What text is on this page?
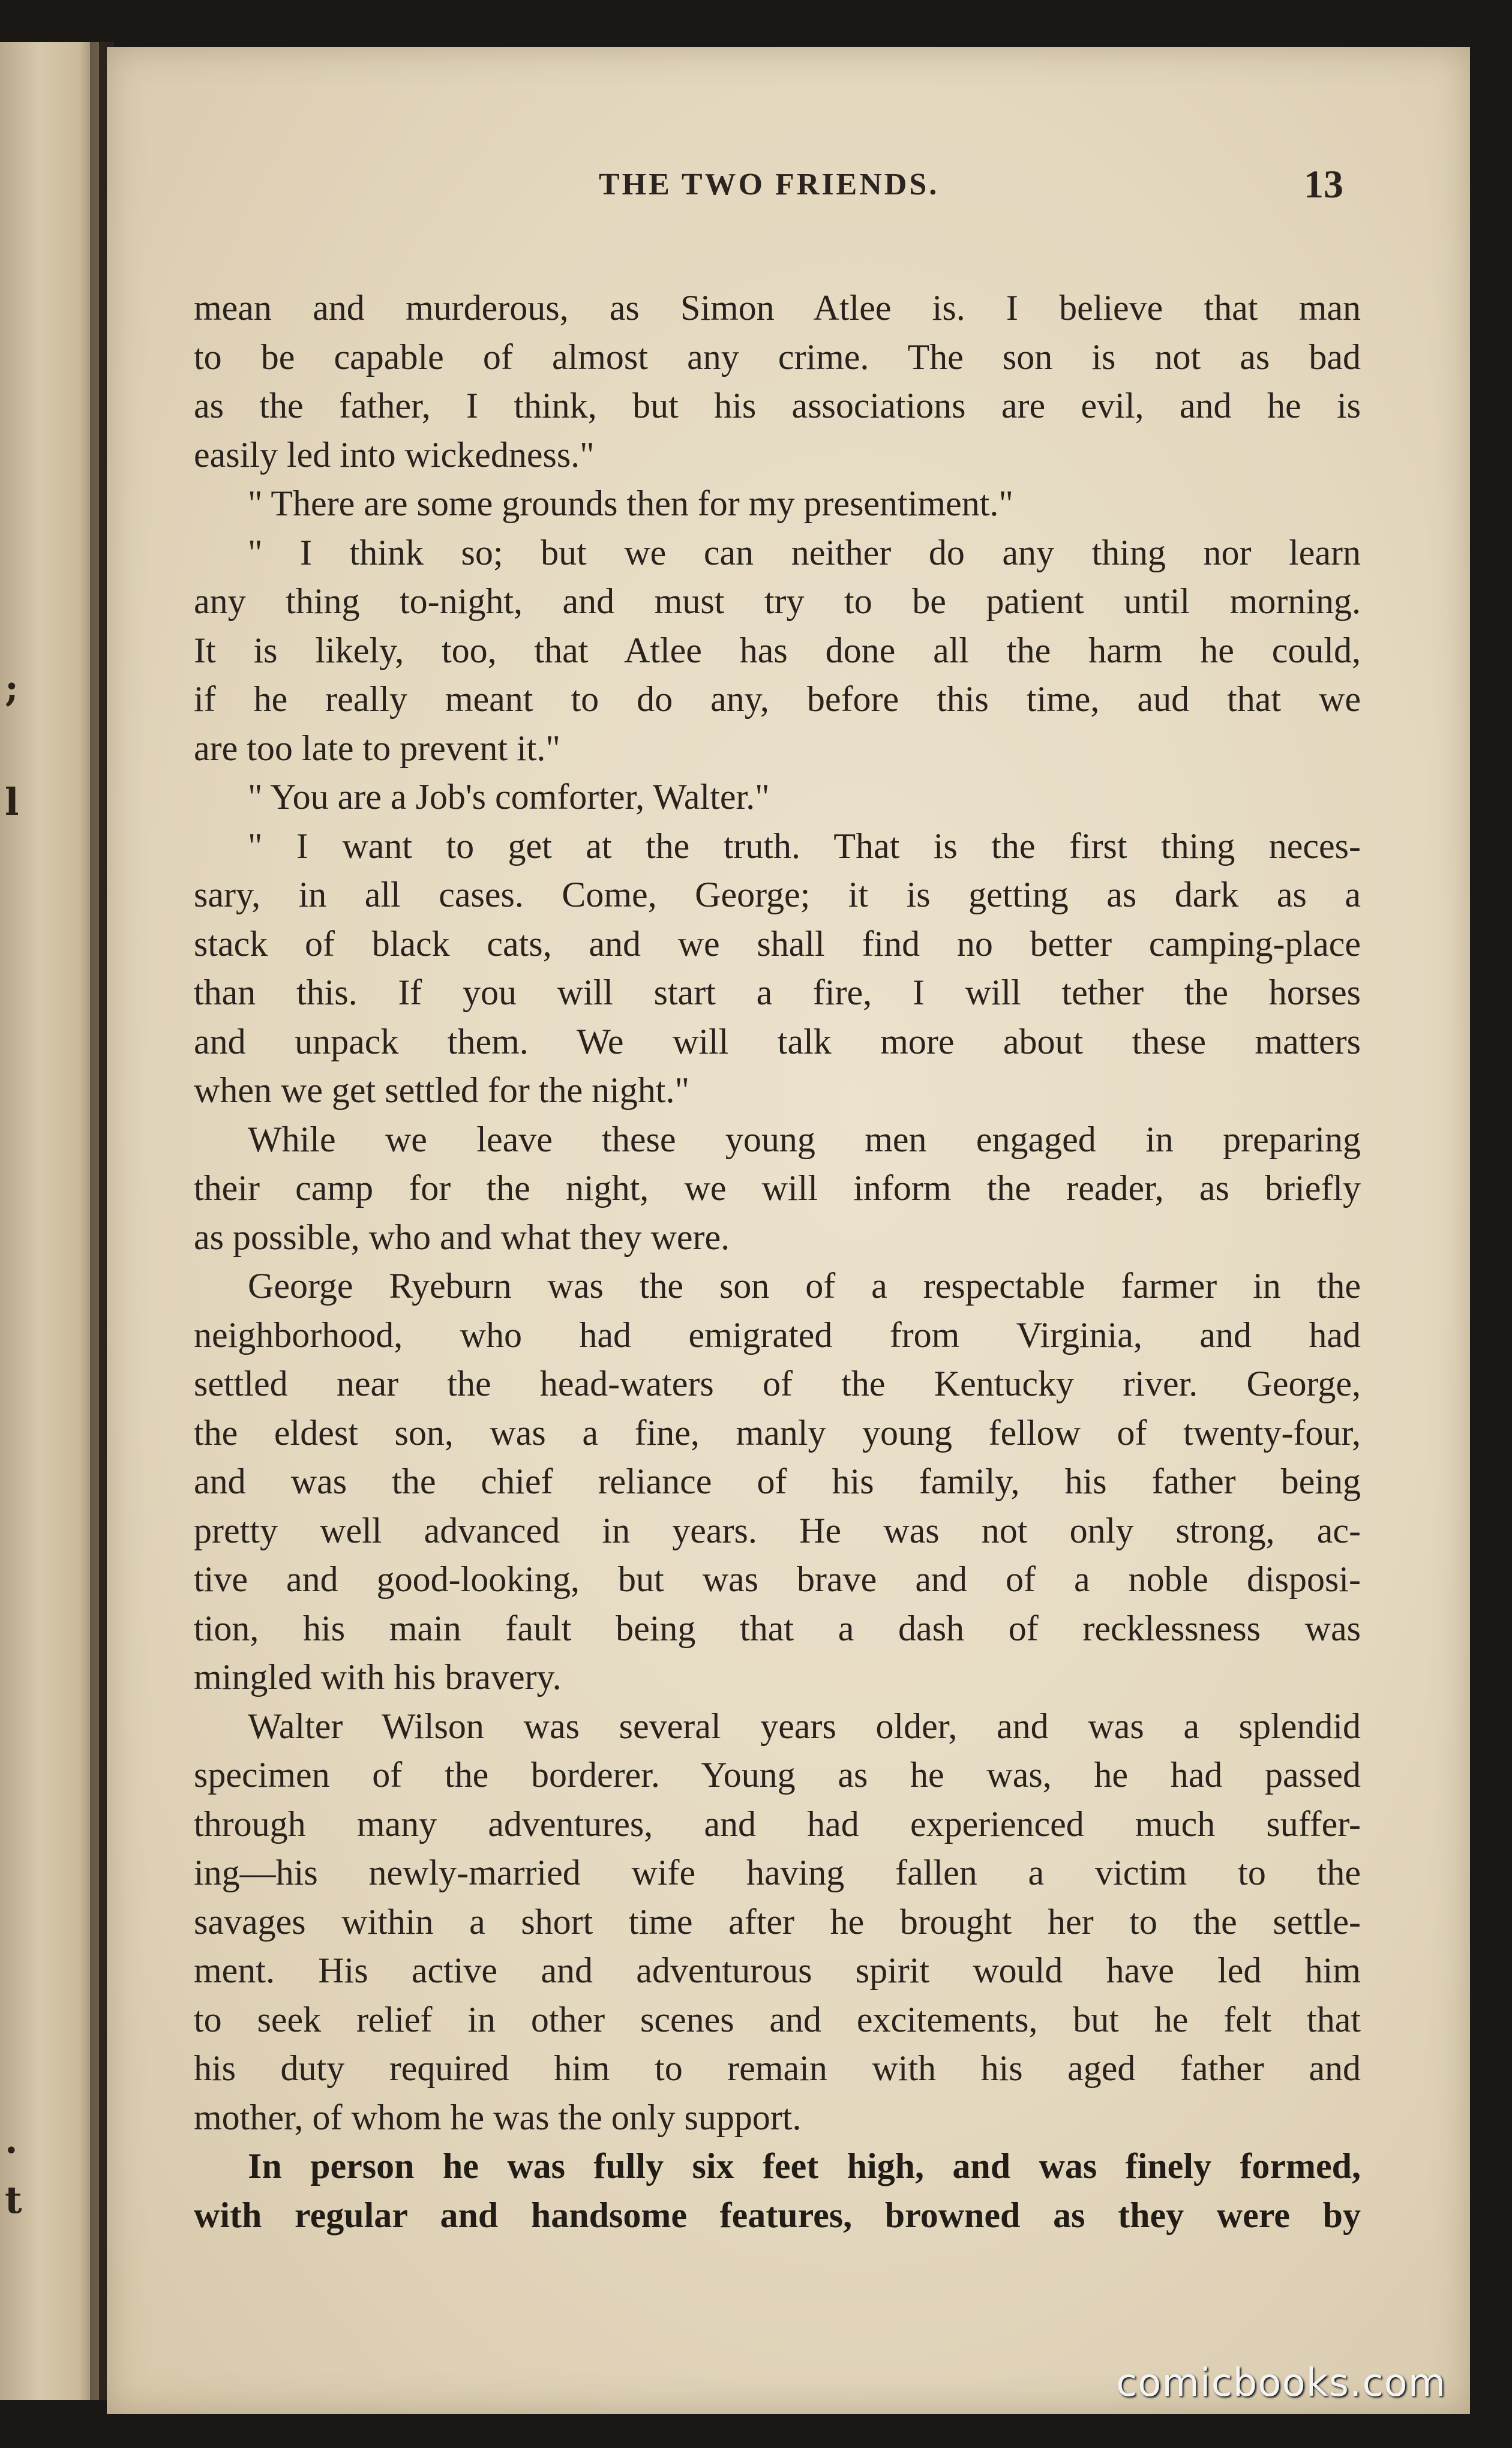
;
l
.
t
THE TWO FRIENDS.	13
mean and murderous, as Simon Atlee is. I believe that man
to be capable of almost any crime. The son is not as bad
as the father, I think, but his associations are evil, and he is
easily led into wickedness."
" There are some grounds then for my presentiment."
" I think so; but we can neither do any thing nor learn
any thing to-night, and must try to be patient until morning.
It is likely, too, that Atlee has done all the harm he could,
if he really meant to do any, before this time, aud that we
are too late to prevent it."
" You are a Job's comforter, Walter."
" I want to get at the truth. That is the first thing neces-
sary, in all cases. Come, George; it is getting as dark as a
stack of black cats, and we shall find no better camping-place
than this. If you will start a fire, I will tether the horses
and unpack them. We will talk more about these matters
when we get settled for the night."
While we leave these young men engaged in preparing
their camp for the night, we will inform the reader, as briefly
as possible, who and what they were.
George Ryeburn was the son of a respectable farmer in the
neighborhood, who had emigrated from Virginia, and had
settled near the head-waters of the Kentucky river. George,
the eldest son, was a fine, manly young fellow of twenty-four,
and was the chief reliance of his family, his father being
pretty well advanced in years. He was not only strong, ac-
tive and good-looking, but was brave and of a noble disposi-
tion, his main fault being that a dash of recklessness was
mingled with his bravery.
Walter Wilson was several years older, and was a splendid
specimen of the borderer. Young as he was, he had passed
through many adventures, and had experienced much suffer-
ing—his newly-married wife having fallen a victim to the
savages within a short time after he brought her to the settle-
ment. His active and adventurous spirit would have led him
to seek relief in other scenes and excitements, but he felt that
his duty required him to remain with his aged father and
mother, of whom he was the only support.
In person he was fully six feet high, and was finely formed,
with regular and handsome features, browned as they were by
comicbooks.com
